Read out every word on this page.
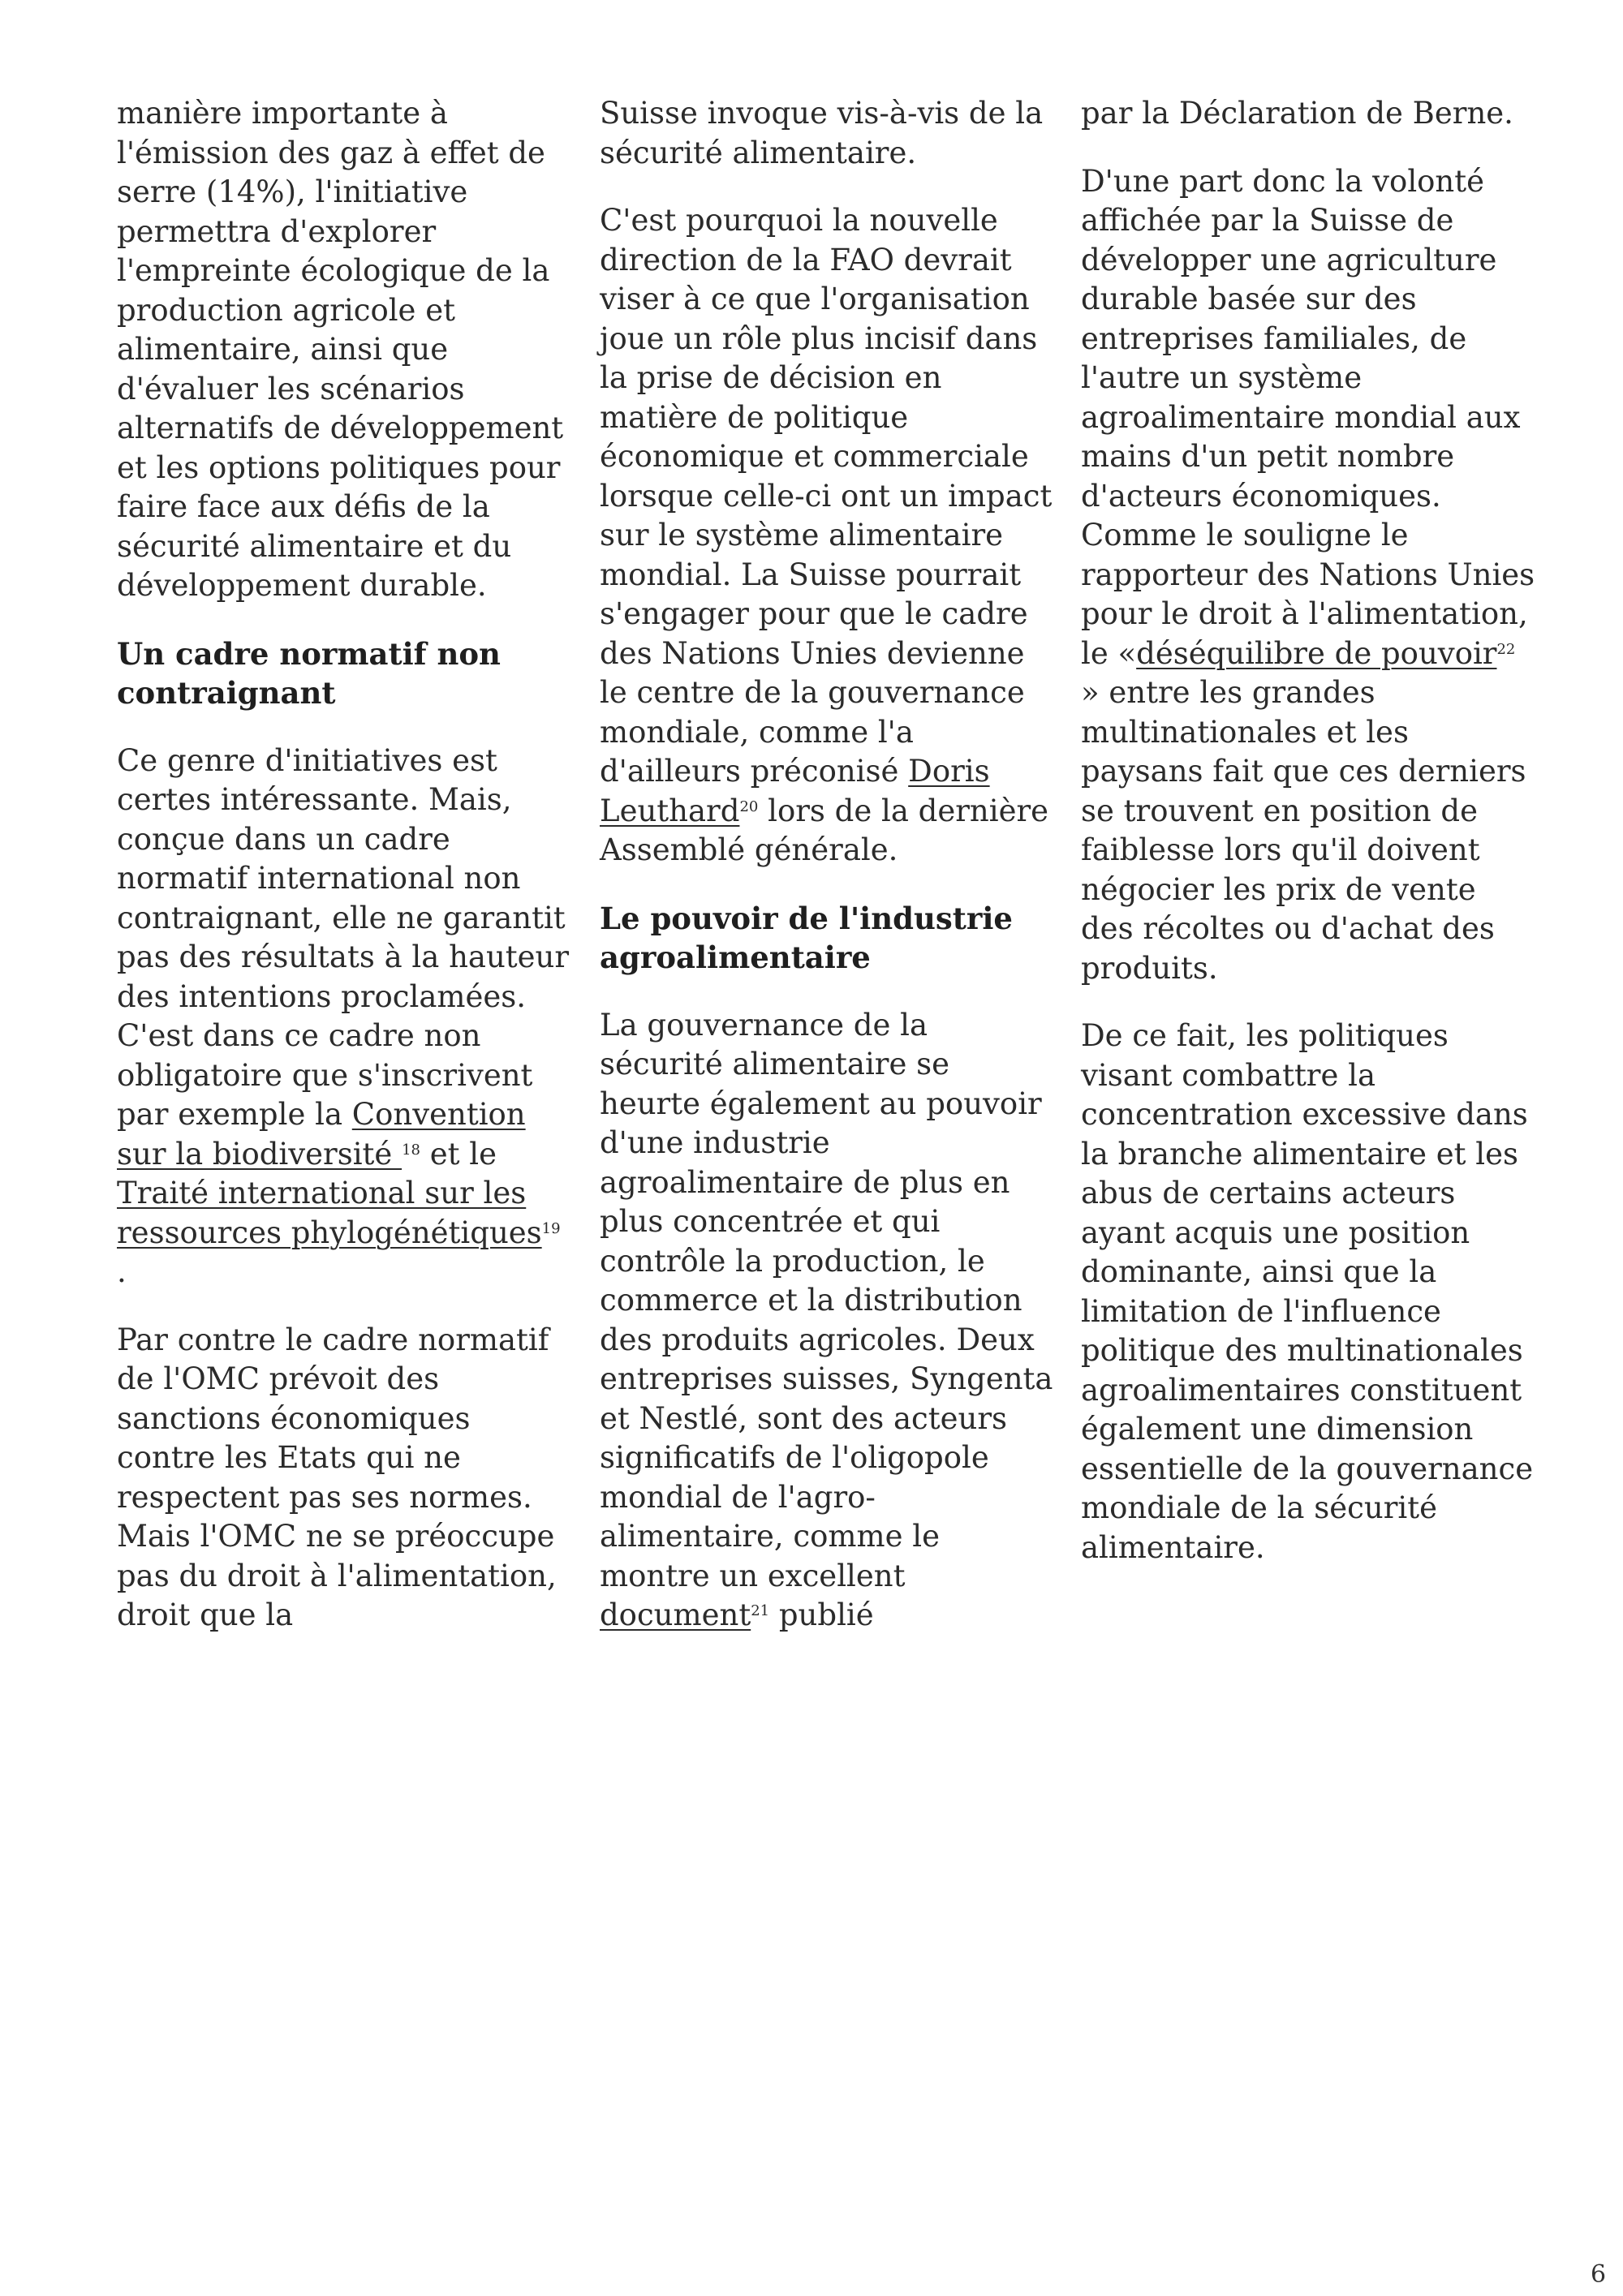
manière importante à l'émission des gaz à effet de serre (14%), l'initiative permettra d'explorer l'empreinte écologique de la production agricole et alimentaire, ainsi que d'évaluer les scénarios alternatifs de développement et les options politiques pour faire face aux défis de la sécurité alimentaire et du développement durable.

Un cadre normatif non contraignant

Ce genre d'initiatives est certes intéressante. Mais, conçue dans un cadre normatif international non contraignant, elle ne garantit pas des résultats à la hauteur des intentions proclamées. C'est dans ce cadre non obligatoire que s'inscrivent par exemple la Convention sur la biodiversité $^{18}$ et le Traité international sur les ressources phylogénétiques$^{19}$ .

Par contre le cadre normatif de l'OMC prévoit des sanctions économiques contre les Etats qui ne respectent pas ses normes. Mais l'OMC ne se préoccupe pas du droit à l'alimentation, droit que la

Suisse invoque vis-à-vis de la sécurité alimentaire.

C'est pourquoi la nouvelle direction de la FAO devrait viser à ce que l'organisation joue un rôle plus incisif dans la prise de décision en matière de politique économique et commerciale lorsque celle-ci ont un impact sur le système alimentaire mondial. La Suisse pourrait s'engager pour que le cadre des Nations Unies devienne le centre de la gouvernance mondiale, comme l'a d'ailleurs préconisé Doris Leuthard$^{20}$ lors de la dernière Assemblé générale.

Le pouvoir de l'industrie agroalimentaire

La gouvernance de la sécurité alimentaire se heurte également au pouvoir d'une industrie agroalimentaire de plus en plus concentrée et qui contrôle la production, le commerce et la distribution des produits agricoles. Deux entreprises suisses, Syngenta et Nestlé, sont des acteurs significatifs de l'oligopole mondial de l'agro-alimentaire, comme le montre un excellent document$^{21}$ publié

par la Déclaration de Berne.

D'une part donc la volonté affichée par la Suisse de développer une agriculture durable basée sur des entreprises familiales, de l'autre un système agroalimentaire mondial aux mains d'un petit nombre d'acteurs économiques. Comme le souligne le rapporteur des Nations Unies pour le droit à l'alimentation, le «déséquilibre de pouvoir$^{22}$ » entre les grandes multinationales et les paysans fait que ces derniers se trouvent en position de faiblesse lors qu'il doivent négocier les prix de vente des récoltes ou d'achat des produits.

De ce fait, les politiques visant combattre la concentration excessive dans la branche alimentaire et les abus de certains acteurs ayant acquis une position dominante, ainsi que la limitation de l'influence politique des multinationales agroalimentaires constituent également une dimension essentielle de la gouvernance mondiale de la sécurité alimentaire.

6
